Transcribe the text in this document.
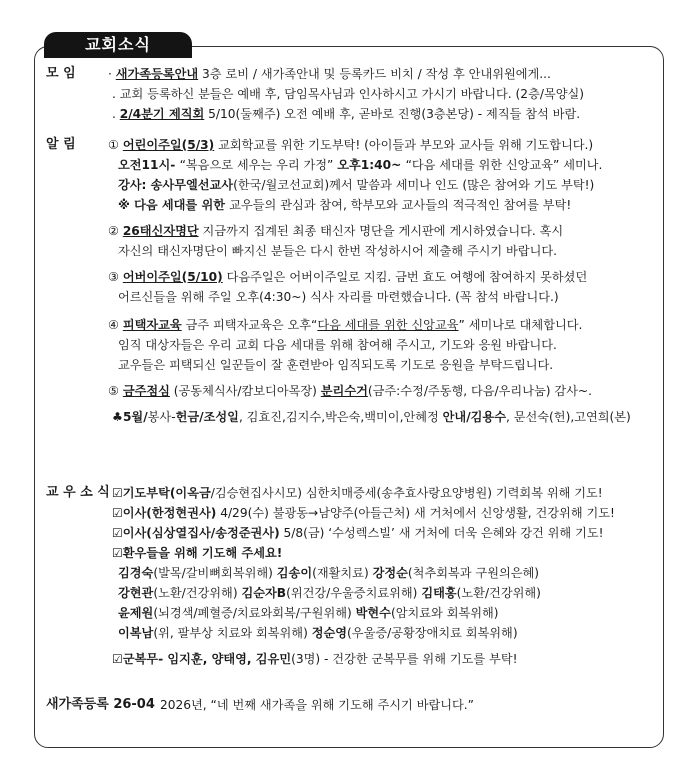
교회소식
모 임	· 새가족등록안내 3층 로비 / 새가족안내 및 등록카드 비치 / 작성 후 안내위원에게...
. 교회 등록하신 분들은 예배 후, 담임목사님과 인사하시고 가시기 바랍니다. (2층/목양실)
. 2/4분기 제직회 5/10(둘째주) 오전 예배 후, 곧바로 진행(3층본당) - 제직들 참석 바람.
알 림	① 어린이주일(5/3) 교회학교를 위한 기도부탁! (아이들과 부모와 교사들 위해 기도합니다.)
오전11시- “복음으로 세우는 우리 가정” 오후1:40~ “다음 세대를 위한 신앙교육” 세미나.
강사: 송사무엘선교사(한국/월코선교회)께서 말씀과 세미나 인도 (많은 참여와 기도 부탁!)
※ 다음 세대를 위한 교우들의 관심과 참여, 학부모와 교사들의 적극적인 참여를 부탁!
② 26태신자명단 지금까지 집계된 최종 태신자 명단을 게시판에 게시하였습니다. 혹시
자신의 태신자명단이 빠지신 분들은 다시 한번 작성하시어 제출해 주시기 바랍니다.
③ 어버이주일(5/10) 다음주일은 어버이주일로 지킴. 금번 효도 여행에 참여하지 못하셨던
어르신들을 위해 주일 오후(4:30~) 식사 자리를 마련했습니다. (꼭 참석 바랍니다.)
④ 피택자교육 금주 피택자교육은 오후“다음 세대를 위한 신앙교육” 세미나로 대체합니다.
임직 대상자들은 우리 교회 다음 세대를 위해 참여해 주시고, 기도와 응원 바랍니다.
교우들은 피택되신 일꾼들이 잘 훈련받아 임직되도록 기도로 응원을 부탁드립니다.
⑤ 금주점심 (공동체식사/캄보디아목장) 분리수거(금주:수정/주동행, 다음/우리나눔) 감사~.
♣5월/봉사-헌금/조성일, 김효진,김지수,박은숙,백미이,안혜정 안내/김용수, 문선숙(헌),고연희(본)
교 우 소 식 ☑기도부탁(이옥금/김승현집사시모) 심한치매증세(송추효사랑요양병원) 기력회복 위해 기도!
☑이사(한정현권사) 4/29(수) 불광동→남양주(아들근처) 새 거처에서 신앙생활, 건강위해 기도!
☑이사(심상열집사/송정준권사) 5/8(금) ‘수성렉스빌’ 새 거처에 더욱 은혜와 강건 위해 기도!
☑환우들을 위해 기도해 주세요!
김경숙(발목/갈비뼈회복위해) 김송이(재활치료) 강정순(척추회복과 구원의은혜)
강현관(노환/건강위해) 김순자B(위건강/우울증치료위해) 김태홍(노환/건강위해)
윤제원(뇌경색/폐혈증/치료와회복/구원위해) 박현수(암치료와 회복위해)
이복남(위, 팔부상 치료와 회복위해) 정순영(우울증/공황장애치료 회복위해)
☑군복무- 임지훈, 양태영, 김유민(3명) - 건강한 군복무를 위해 기도를 부탁!
새가족등록 26-04 2026년, “네 번째 새가족을 위해 기도해 주시기 바랍니다.”
